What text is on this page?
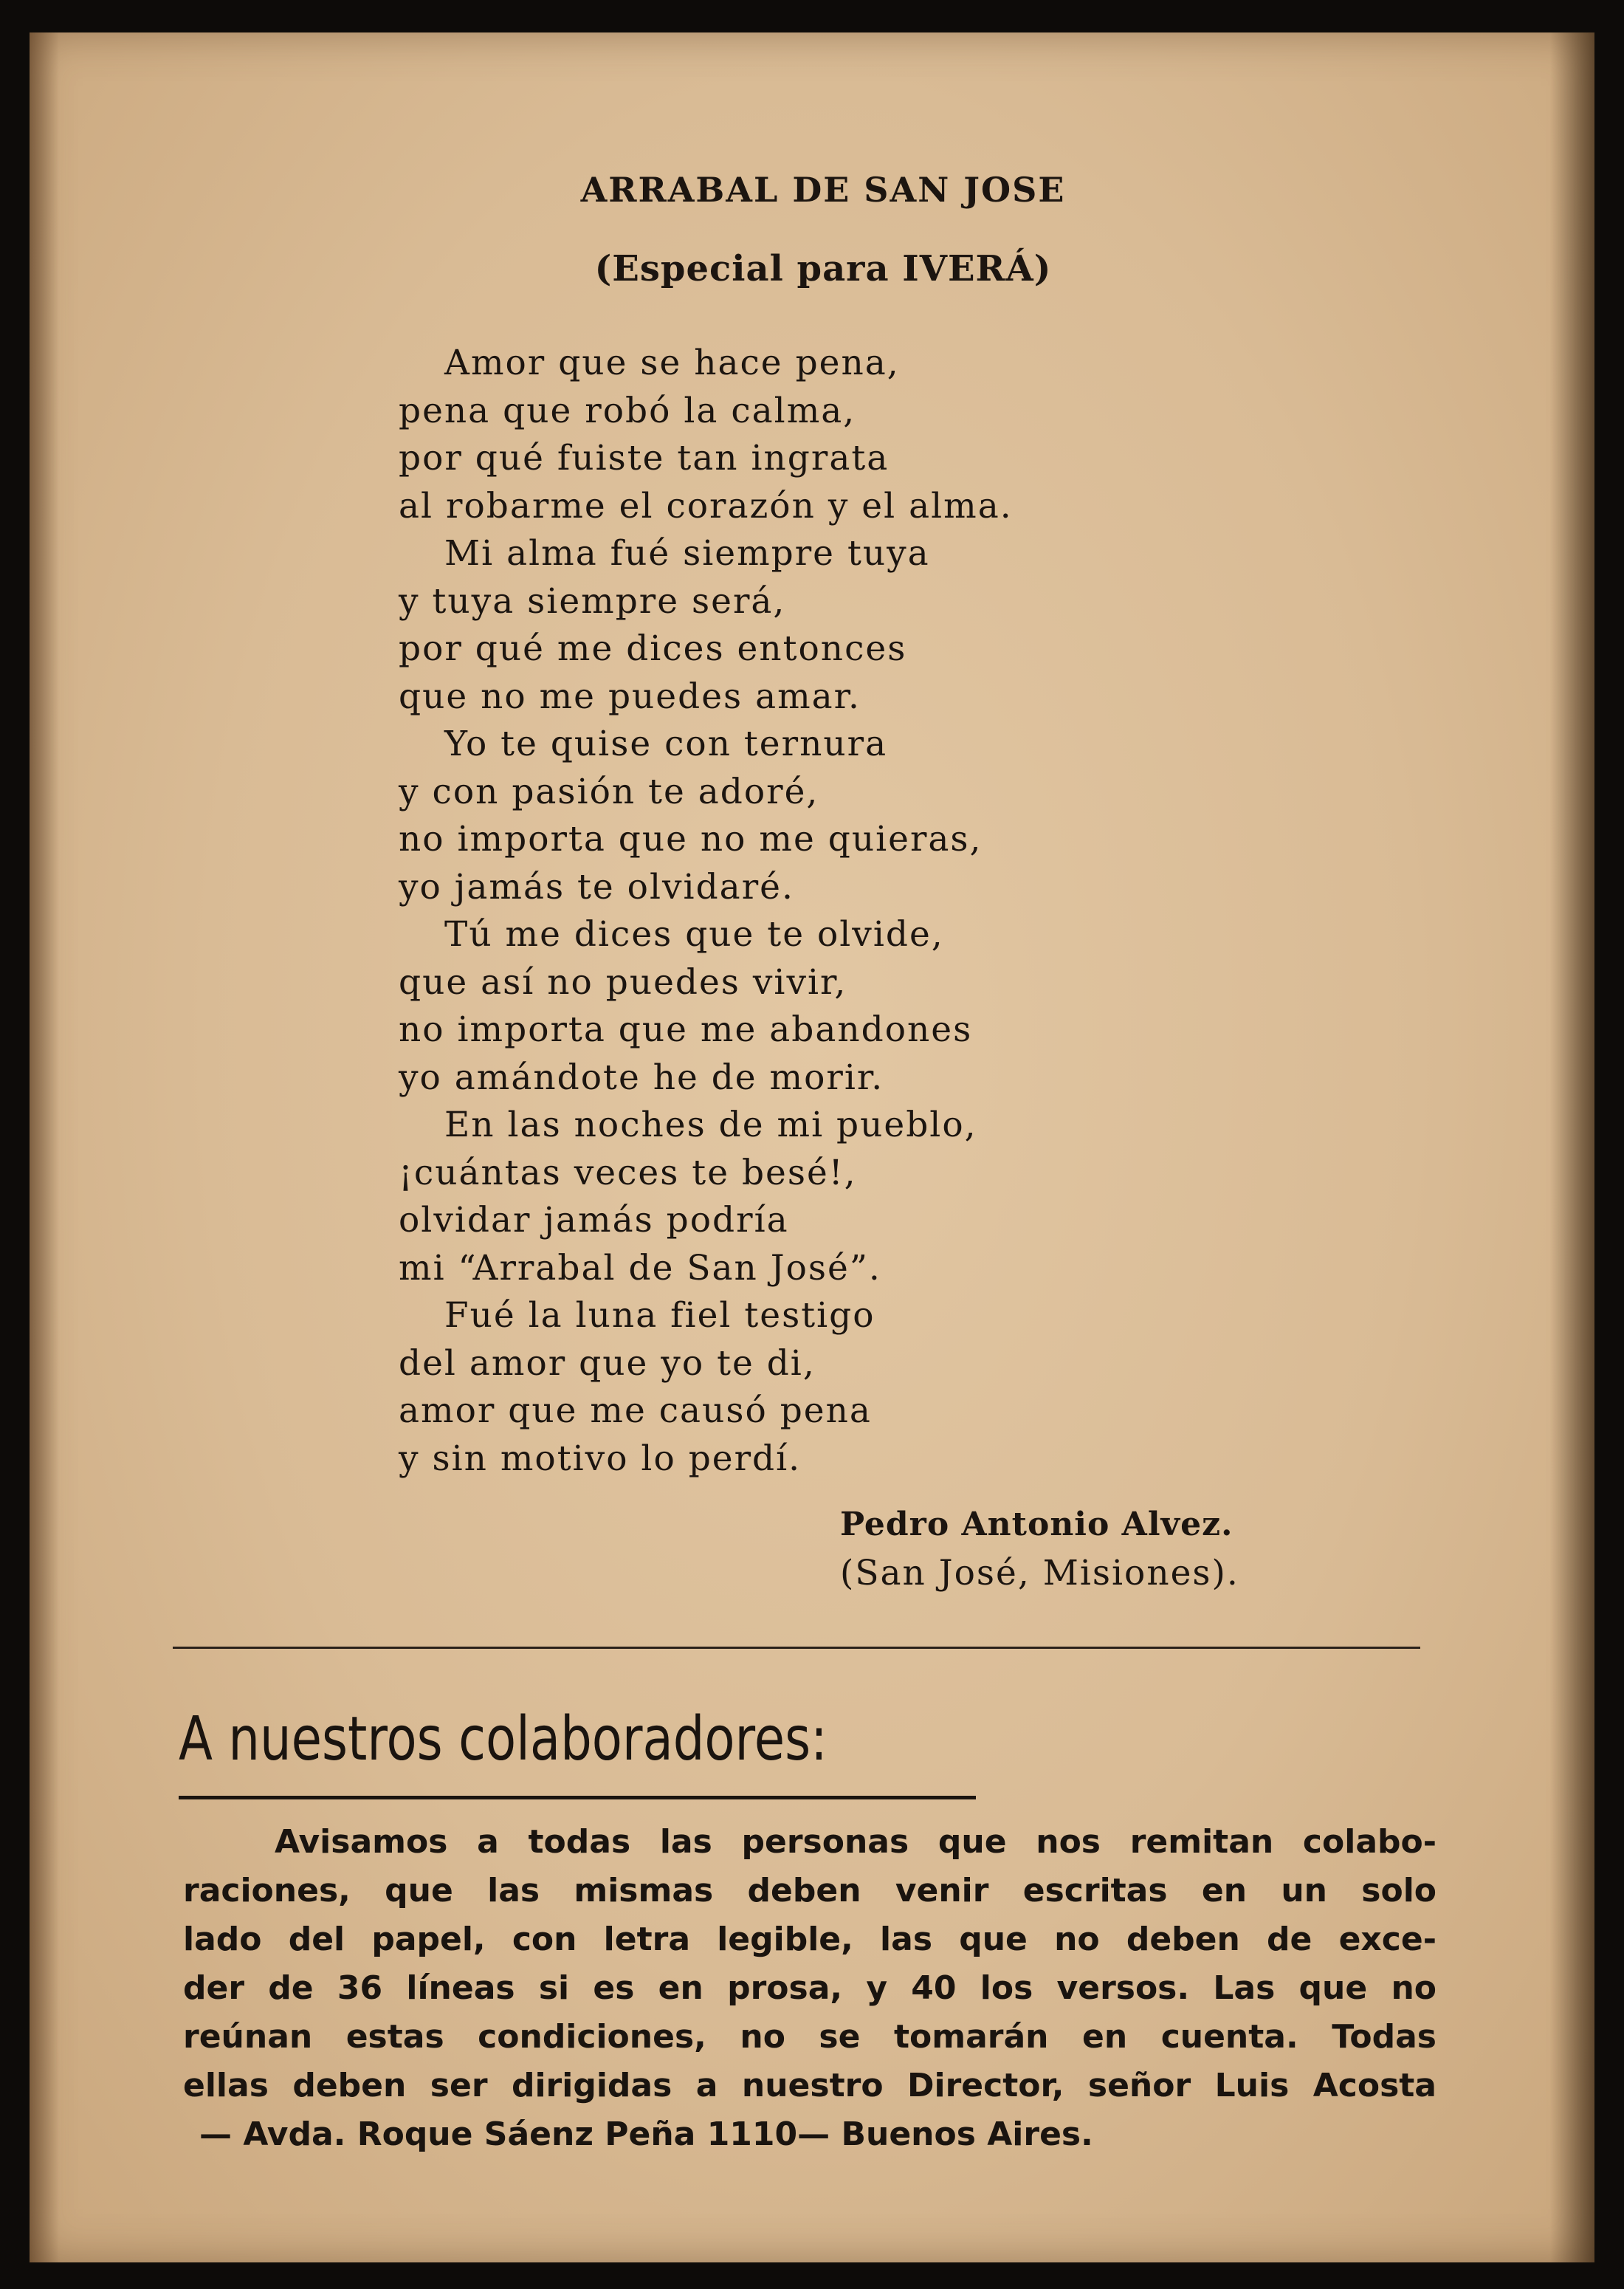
ARRABAL DE SAN JOSE
(Especial para IVERÁ)
Amor que se hace pena,
pena que robó la calma,
por qué fuiste tan ingrata
al robarme el corazón y el alma.
Mi alma fué siempre tuya
y tuya siempre será,
por qué me dices entonces
que no me puedes amar.
Yo te quise con ternura
y con pasión te adoré,
no importa que no me quieras,
yo jamás te olvidaré.
Tú me dices que te olvide,
que así no puedes vivir,
no importa que me abandones
yo amándote he de morir.
En las noches de mi pueblo,
¡cuántas veces te besé!,
olvidar jamás podría
mi “Arrabal de San José”.
Fué la luna fiel testigo
del amor que yo te di,
amor que me causó pena
y sin motivo lo perdí.
Pedro Antonio Alvez.
(San José, Misiones).
A nuestros colaboradores:
Avisamos a todas las personas que nos remitan colabo-
raciones, que las mismas deben venir escritas en un solo
lado del papel, con letra legible, las que no deben de exce-
der de 36 líneas si es en prosa, y 40 los versos. Las que no
reúnan estas condiciones, no se tomarán en cuenta. Todas
ellas deben ser dirigidas a nuestro Director, señor Luis Acosta
— Avda. Roque Sáenz Peña 1110— Buenos Aires.
